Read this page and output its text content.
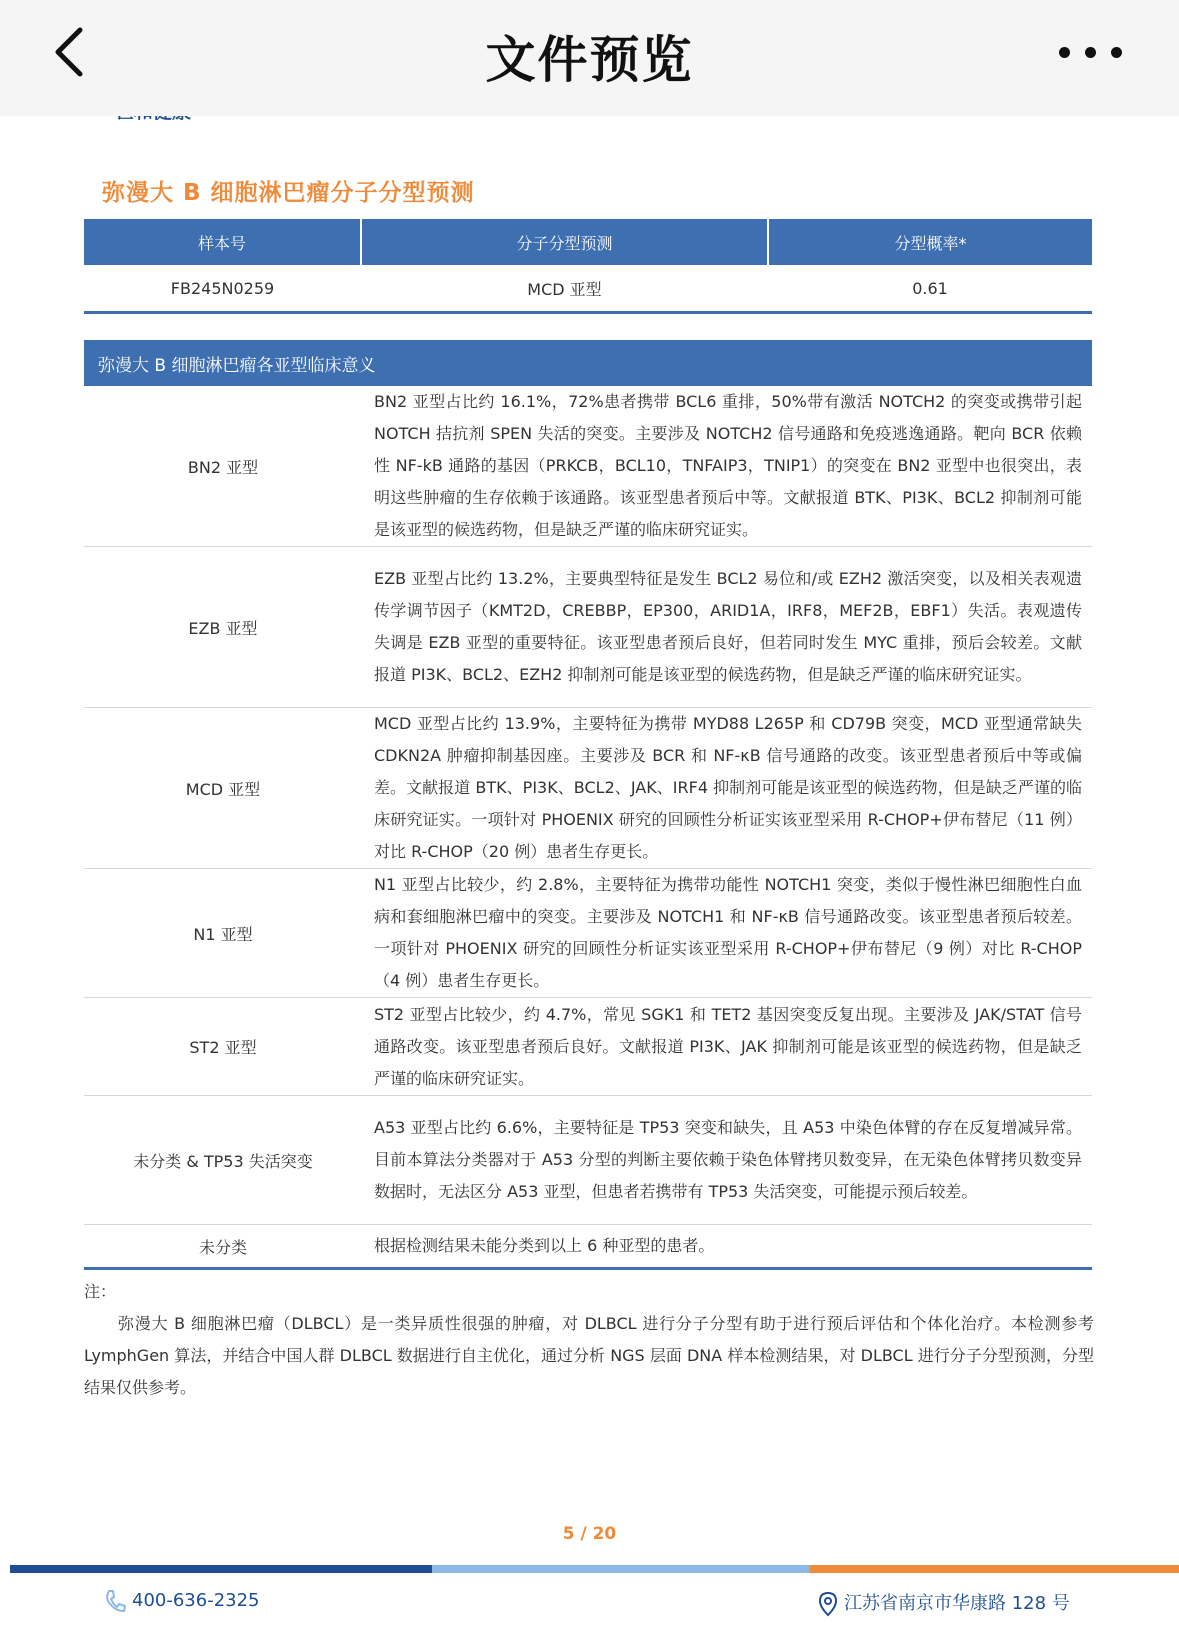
文件预览
弥漫大 B 细胞淋巴瘤分子分型预测
样本号	分子分型预测	分型概率*
FB245N0259	MCD 亚型	0.61
弥漫大 B 细胞淋巴瘤各亚型临床意义	
BN2 亚型	BN2 亚型占比约 16.1%，72%患者携带 BCL6 重排，50%带有激活 NOTCH2 的突变或携带引起 NOTCH 拮抗剂 SPEN 失活的突变。主要涉及 NOTCH2 信号通路和免疫逃逸通路。靶向 BCR 依赖性 NF-kB 通路的基因（PRKCB，BCL10，TNFAIP3，TNIP1）的突变在 BN2 亚型中也很突出，表明这些肿瘤的生存依赖于该通路。该亚型患者预后中等。文献报道 BTK、PI3K、BCL2 抑制剂可能是该亚型的候选药物，但是缺乏严谨的临床研究证实。
EZB 亚型	EZB 亚型占比约 13.2%，主要典型特征是发生 BCL2 易位和/或 EZH2 激活突变，以及相关表观遗传学调节因子（KMT2D，CREBBP，EP300，ARID1A，IRF8，MEF2B，EBF1）失活。表观遗传失调是 EZB 亚型的重要特征。该亚型患者预后良好，但若同时发生 MYC 重排，预后会较差。文献报道 PI3K、BCL2、EZH2 抑制剂可能是该亚型的候选药物，但是缺乏严谨的临床研究证实。
MCD 亚型	MCD 亚型占比约 13.9%，主要特征为携带 MYD88 L265P 和 CD79B 突变，MCD 亚型通常缺失 CDKN2A 肿瘤抑制基因座。主要涉及 BCR 和 NF-κB 信号通路的改变。该亚型患者预后中等或偏差。文献报道 BTK、PI3K、BCL2、JAK、IRF4 抑制剂可能是该亚型的候选药物，但是缺乏严谨的临床研究证实。一项针对 PHOENIX 研究的回顾性分析证实该亚型采用 R-CHOP+伊布替尼（11 例）对比 R-CHOP（20 例）患者生存更长。
N1 亚型	N1 亚型占比较少，约 2.8%，主要特征为携带功能性 NOTCH1 突变，类似于慢性淋巴细胞性白血病和套细胞淋巴瘤中的突变。主要涉及 NOTCH1 和 NF-κB 信号通路改变。该亚型患者预后较差。一项针对 PHOENIX 研究的回顾性分析证实该亚型采用 R-CHOP+伊布替尼（9 例）对比 R-CHOP（4 例）患者生存更长。
ST2 亚型	ST2 亚型占比较少，约 4.7%，常见 SGK1 和 TET2 基因突变反复出现。主要涉及 JAK/STAT 信号通路改变。该亚型患者预后良好。文献报道 PI3K、JAK 抑制剂可能是该亚型的候选药物，但是缺乏严谨的临床研究证实。
未分类 & TP53 失活突变	A53 亚型占比约 6.6%，主要特征是 TP53 突变和缺失，且 A53 中染色体臂的存在反复增减异常。目前本算法分类器对于 A53 分型的判断主要依赖于染色体臂拷贝数变异，在无染色体臂拷贝数变异数据时，无法区分 A53 亚型，但患者若携带有 TP53 失活突变，可能提示预后较差。
未分类	根据检测结果未能分类到以上 6 种亚型的患者。
注：
弥漫大 B 细胞淋巴瘤（DLBCL）是一类异质性很强的肿瘤，对 DLBCL 进行分子分型有助于进行预后评估和个体化治疗。本检测参考 LymphGen 算法，并结合中国人群 DLBCL 数据进行自主优化，通过分析 NGS 层面 DNA 样本检测结果，对 DLBCL 进行分子分型预测，分型结果仅供参考。
5 / 20
400-636-2325	江苏省南京市华康路 128 号
